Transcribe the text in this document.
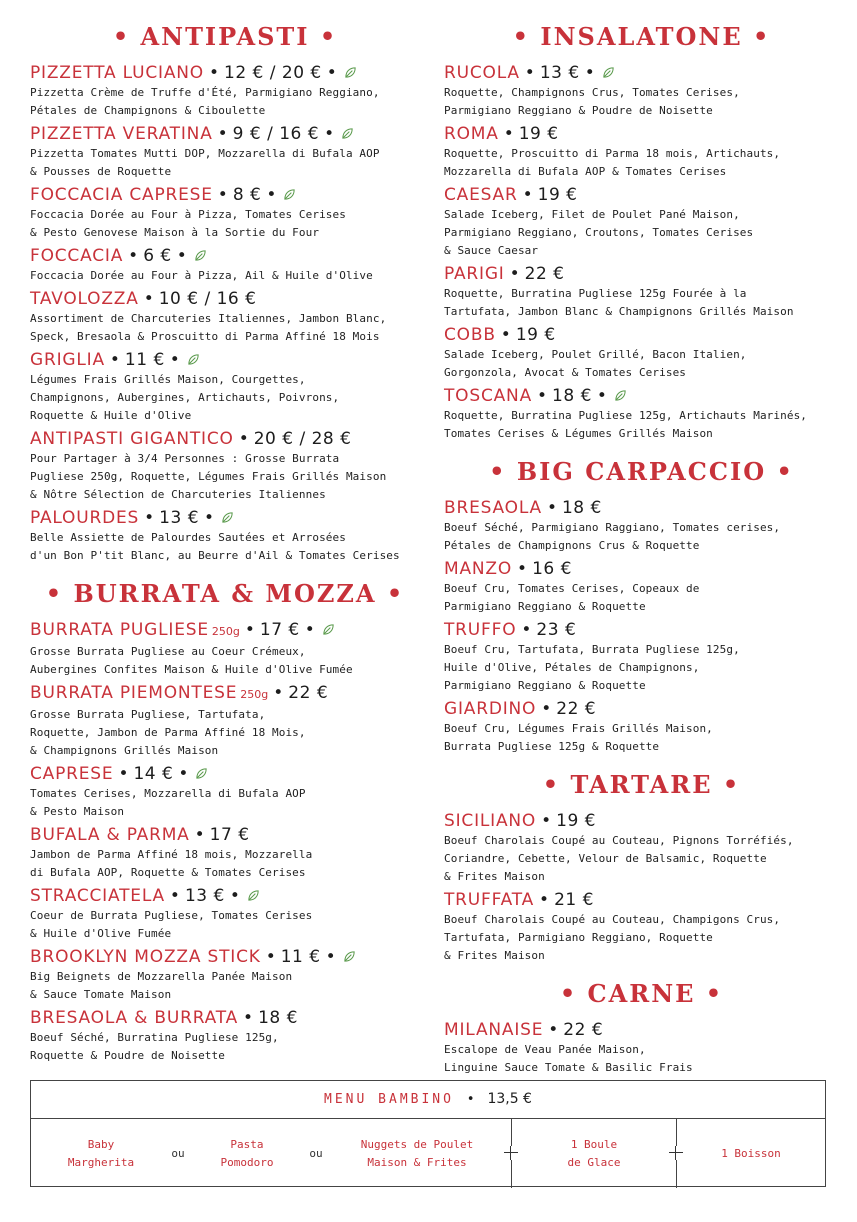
• ANTIPASTI •
PIZZETTA LUCIANO • 12 € / 20 € •
Pizzetta Crème de Truffe d'Été, Parmigiano Reggiano,
Pétales de Champignons & Ciboulette
PIZZETTA VERATINA • 9 € / 16 € •
Pizzetta Tomates Mutti DOP, Mozzarella di Bufala AOP
& Pousses de Roquette
FOCCACIA CAPRESE • 8 € •
Foccacia Dorée au Four à Pizza, Tomates Cerises
& Pesto Genovese Maison à la Sortie du Four
FOCCACIA • 6 € •
Foccacia Dorée au Four à Pizza, Ail & Huile d'Olive
TAVOLOZZA • 10 € / 16 €
Assortiment de Charcuteries Italiennes, Jambon Blanc,
Speck, Bresaola & Proscuitto di Parma Affiné 18 Mois
GRIGLIA • 11 € •
Légumes Frais Grillés Maison, Courgettes,
Champignons, Aubergines, Artichauts, Poivrons,
Roquette & Huile d'Olive
ANTIPASTI GIGANTICO • 20 € / 28 €
Pour Partager à 3/4 Personnes : Grosse Burrata
Pugliese 250g, Roquette, Légumes Frais Grillés Maison
& Nôtre Sélection de Charcuteries Italiennes
PALOURDES • 13 € •
Belle Assiette de Palourdes Sautées et Arrosées
d'un Bon P'tit Blanc, au Beurre d'Ail & Tomates Cerises
• BURRATA & MOZZA •
BURRATA PUGLIESE 250g • 17 € •
Grosse Burrata Pugliese au Coeur Crémeux,
Aubergines Confites Maison & Huile d'Olive Fumée
BURRATA PIEMONTESE 250g • 22 €
Grosse Burrata Pugliese, Tartufata,
Roquette, Jambon de Parma Affiné 18 Mois,
& Champignons Grillés Maison
CAPRESE • 14 € •
Tomates Cerises, Mozzarella di Bufala AOP
& Pesto Maison
BUFALA & PARMA • 17 €
Jambon de Parma Affiné 18 mois, Mozzarella
di Bufala AOP, Roquette & Tomates Cerises
STRACCIATELA • 13 € •
Coeur de Burrata Pugliese, Tomates Cerises
& Huile d'Olive Fumée
BROOKLYN MOZZA STICK • 11 € •
Big Beignets de Mozzarella Panée Maison
& Sauce Tomate Maison
BRESAOLA & BURRATA • 18 €
Boeuf Séché, Burratina Pugliese 125g,
Roquette & Poudre de Noisette
• INSALATONE •
RUCOLA • 13 € •
Roquette, Champignons Crus, Tomates Cerises,
Parmigiano Reggiano & Poudre de Noisette
ROMA • 19 €
Roquette, Proscuitto di Parma 18 mois, Artichauts,
Mozzarella di Bufala AOP & Tomates Cerises
CAESAR • 19 €
Salade Iceberg, Filet de Poulet Pané Maison,
Parmigiano Reggiano, Croutons, Tomates Cerises
& Sauce Caesar
PARIGI • 22 €
Roquette, Burratina Pugliese 125g Fourée à la
Tartufata, Jambon Blanc & Champignons Grillés Maison
COBB • 19 €
Salade Iceberg, Poulet Grillé, Bacon Italien,
Gorgonzola, Avocat & Tomates Cerises
TOSCANA • 18 € •
Roquette, Burratina Pugliese 125g, Artichauts Marinés,
Tomates Cerises & Légumes Grillés Maison
• BIG CARPACCIO •
BRESAOLA • 18 €
Boeuf Séché, Parmigiano Raggiano, Tomates cerises,
Pétales de Champignons Crus & Roquette
MANZO • 16 €
Boeuf Cru, Tomates Cerises, Copeaux de
Parmigiano Reggiano & Roquette
TRUFFO • 23 €
Boeuf Cru, Tartufata, Burrata Pugliese 125g,
Huile d'Olive, Pétales de Champignons,
Parmigiano Reggiano & Roquette
GIARDINO • 22 €
Boeuf Cru, Légumes Frais Grillés Maison,
Burrata Pugliese 125g & Roquette
• TARTARE •
SICILIANO • 19 €
Boeuf Charolais Coupé au Couteau, Pignons Torréfiés,
Coriandre, Cebette, Velour de Balsamic, Roquette
& Frites Maison
TRUFFATA • 21 €
Boeuf Charolais Coupé au Couteau, Champigons Crus,
Tartufata, Parmigiano Reggiano, Roquette
& Frites Maison
• CARNE •
MILANAISE • 22 €
Escalope de Veau Panée Maison,
Linguine Sauce Tomate & Basilic Frais
MENU BAMBINO • 13,5 €
Baby
Margherita
ou
Pasta
Pomodoro
ou
Nuggets de Poulet
Maison & Frites
1 Boule
de Glace
1 Boisson
